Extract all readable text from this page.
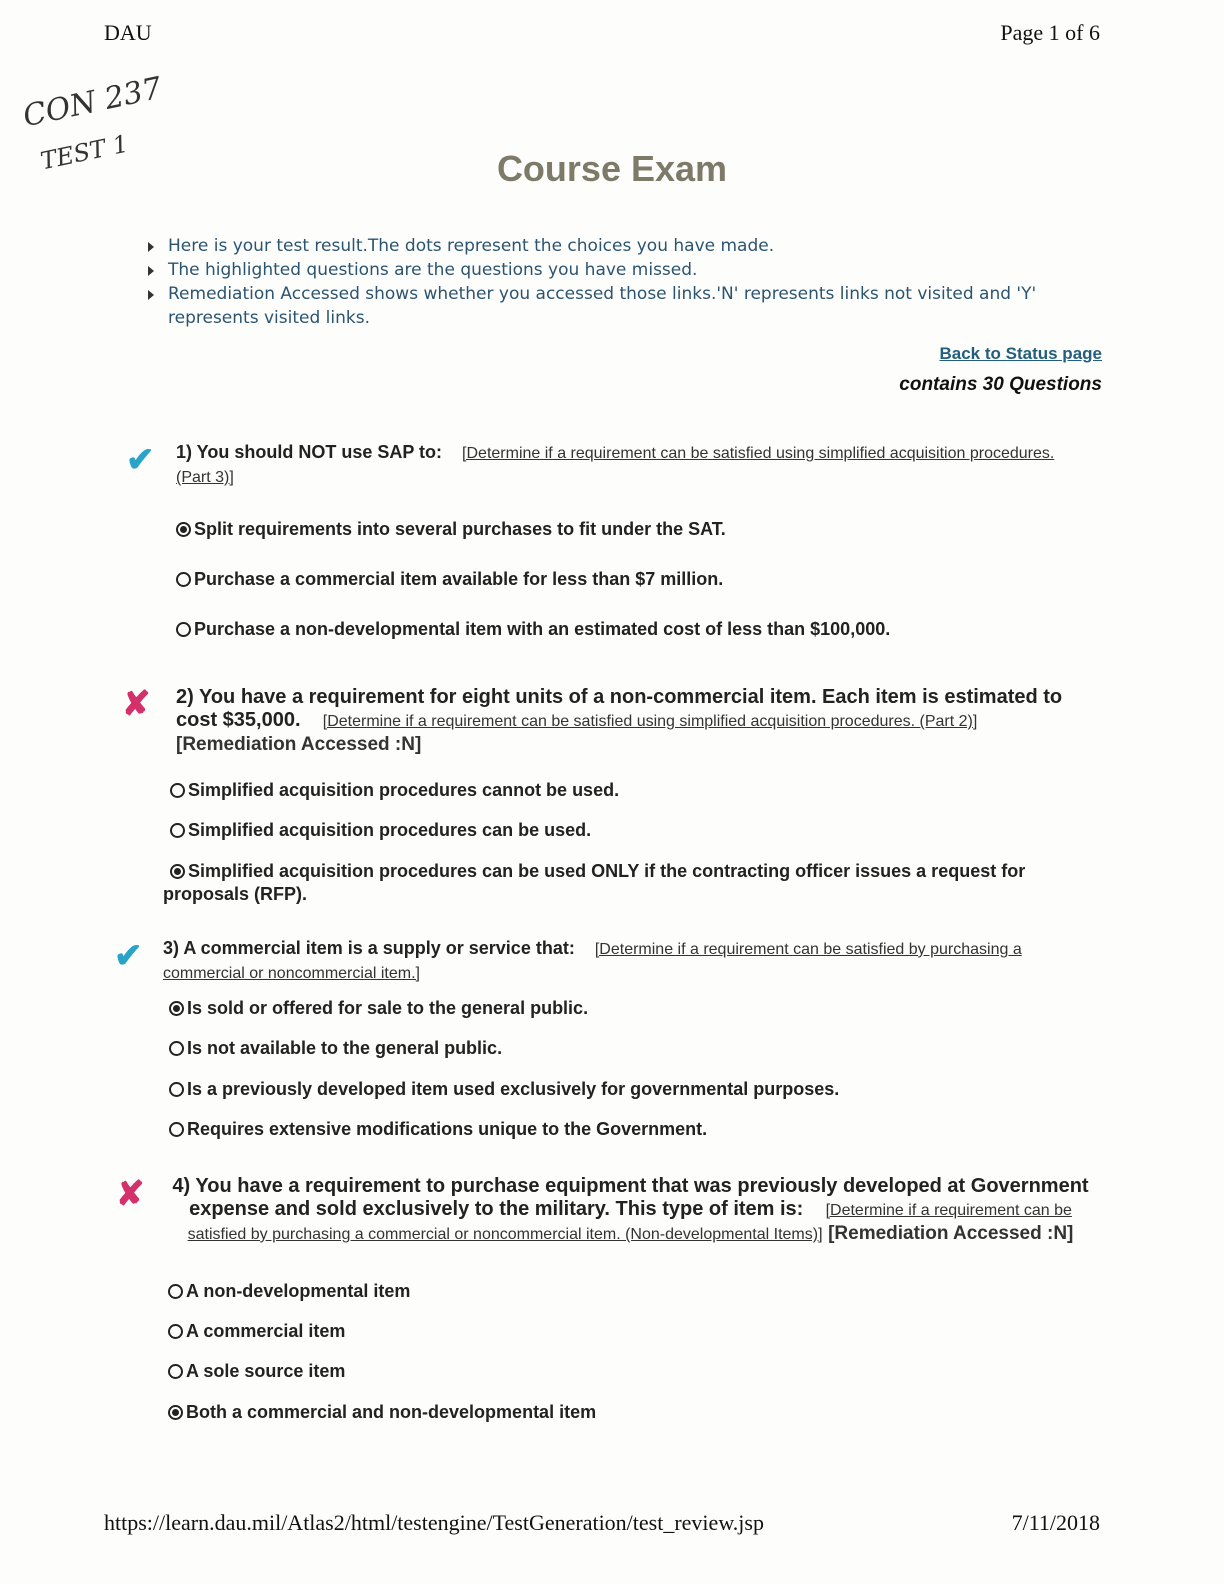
DAU	Page 1 of 6
CON 237
TEST 1	Course Exam
Here is your test result.The dots represent the choices you have made.
The highlighted questions are the questions you have missed.
Remediation Accessed shows whether you accessed those links.'N' represents links not visited and 'Y' represents visited links.
Back to Status page
contains 30 Questions
✔ 1) You should NOT use SAP to: [Determine if a requirement can be satisfied using simplified acquisition procedures. (Part 3)]
Split requirements into several purchases to fit under the SAT.
Purchase a commercial item available for less than $7 million.
Purchase a non-developmental item with an estimated cost of less than $100,000.
✘ 2) You have a requirement for eight units of a non-commercial item. Each item is estimated to cost $35,000. [Determine if a requirement can be satisfied using simplified acquisition procedures. (Part 2)] [Remediation Accessed :N]
Simplified acquisition procedures cannot be used.
Simplified acquisition procedures can be used.
Simplified acquisition procedures can be used ONLY if the contracting officer issues a request for proposals (RFP).
✔ 3) A commercial item is a supply or service that: [Determine if a requirement can be satisfied by purchasing a commercial or noncommercial item.]
Is sold or offered for sale to the general public.
Is not available to the general public.
Is a previously developed item used exclusively for governmental purposes.
Requires extensive modifications unique to the Government.
✘ 4) You have a requirement to purchase equipment that was previously developed at Government expense and sold exclusively to the military. This type of item is: [Determine if a requirement can be satisfied by purchasing a commercial or noncommercial item. (Non-developmental Items)] [Remediation Accessed :N]
A non-developmental item
A commercial item
A sole source item
Both a commercial and non-developmental item
https://learn.dau.mil/Atlas2/html/testengine/TestGeneration/test_review.jsp	7/11/2018
